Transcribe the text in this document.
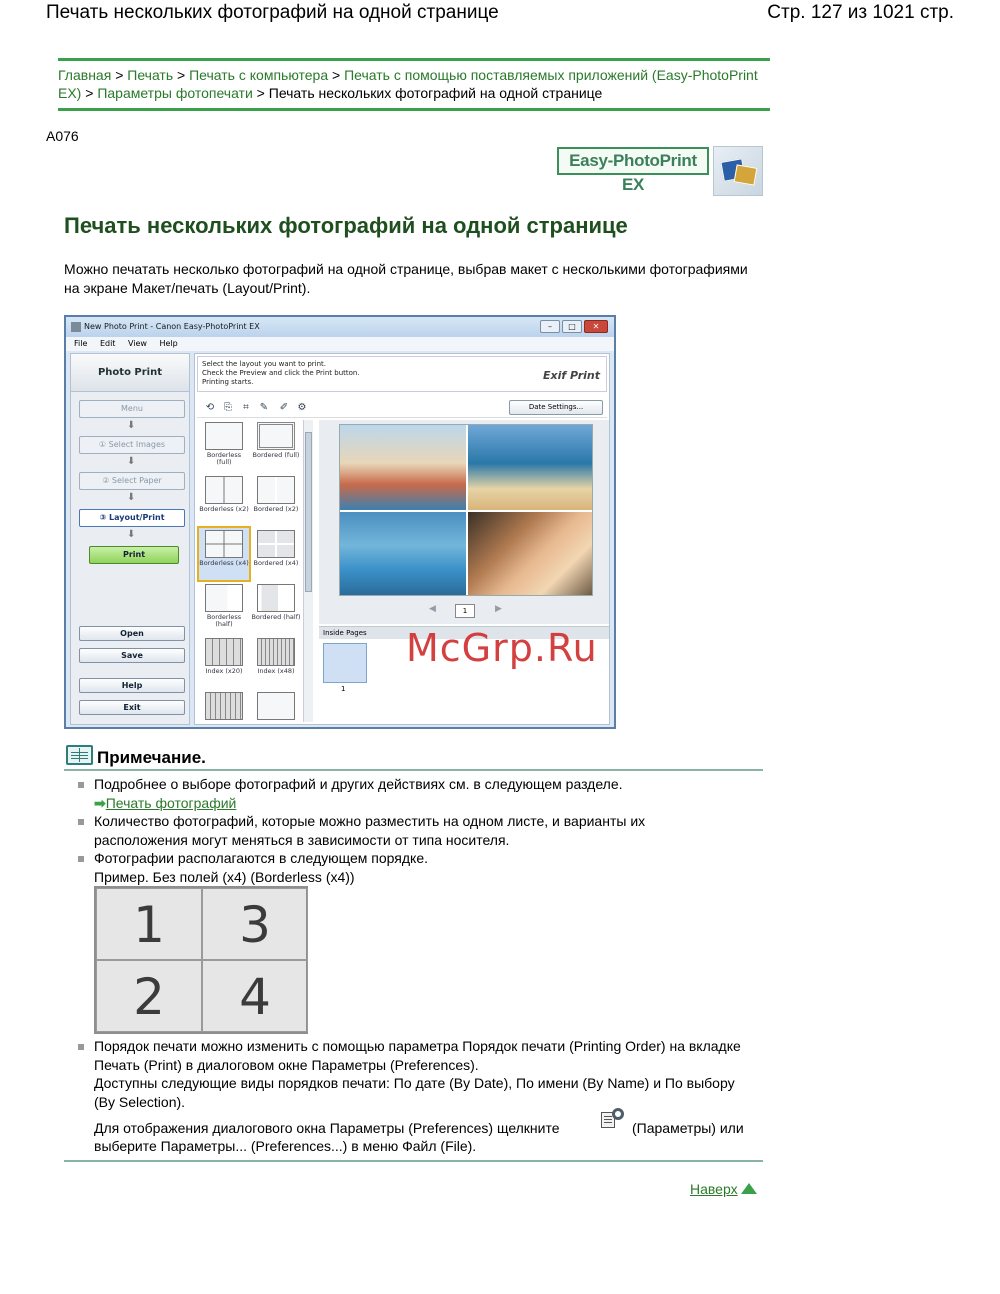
Печать нескольких фотографий на одной странице	Стр. 127 из 1021 стр.
Главная > Печать > Печать с компьютера > Печать с помощью поставляемых приложений (Easy-PhotoPrint EX) > Параметры фотопечати > Печать нескольких фотографий на одной странице
A076
Easy-PhotoPrint EX
Печать нескольких фотографий на одной странице

Можно печатать несколько фотографий на одной странице, выбрав макет с несколькими фотографиями на экране Макет/печать (Layout/Print).

New Photo Print - Canon Easy-PhotoPrint EX	–	□	✕
File Edit View Help
Photo Print
Menu
⬇
① Select Images
⬇
② Select Paper
⬇
③ Layout/Print
⬇
Print
Open
Save
Help
Exit
Select the layout you want to print.
Check the Preview and click the Print button.
Printing starts.	Exif Print
⟲ ⎘	⌗	✎ ✐ ⚙	Date Settings...
Borderless (full)
Bordered (full)
Borderless (x2) Bordered (x2)
Borderless (x4) Bordered (x4)
Borderless (half)
Bordered (half)
Index (x20)	Index (x48)
◀	1	▶
Inside Pages
1
McGrp.Ru
Примечание.
Подробнее о выборе фотографий и других действиях см. в следующем разделе.
➡Печать фотографий
Количество фотографий, которые можно разместить на одном листе, и варианты их расположения могут меняться в зависимости от типа носителя.
Фотографии располагаются в следующем порядке.
Пример. Без полей (x4) (Borderless (x4))
1	3
2	4
Порядок печати можно изменить с помощью параметра Порядок печати (Printing Order) на вкладке Печать (Print) в диалоговом окне Параметры (Preferences).
Доступны следующие виды порядков печати: По дате (By Date), По имени (By Name) и По выбору (By Selection).
Для отображения диалогового окна Параметры (Preferences) щелкните	(Параметры) или
выберите Параметры... (Preferences...) в меню Файл (File).
Наверх
